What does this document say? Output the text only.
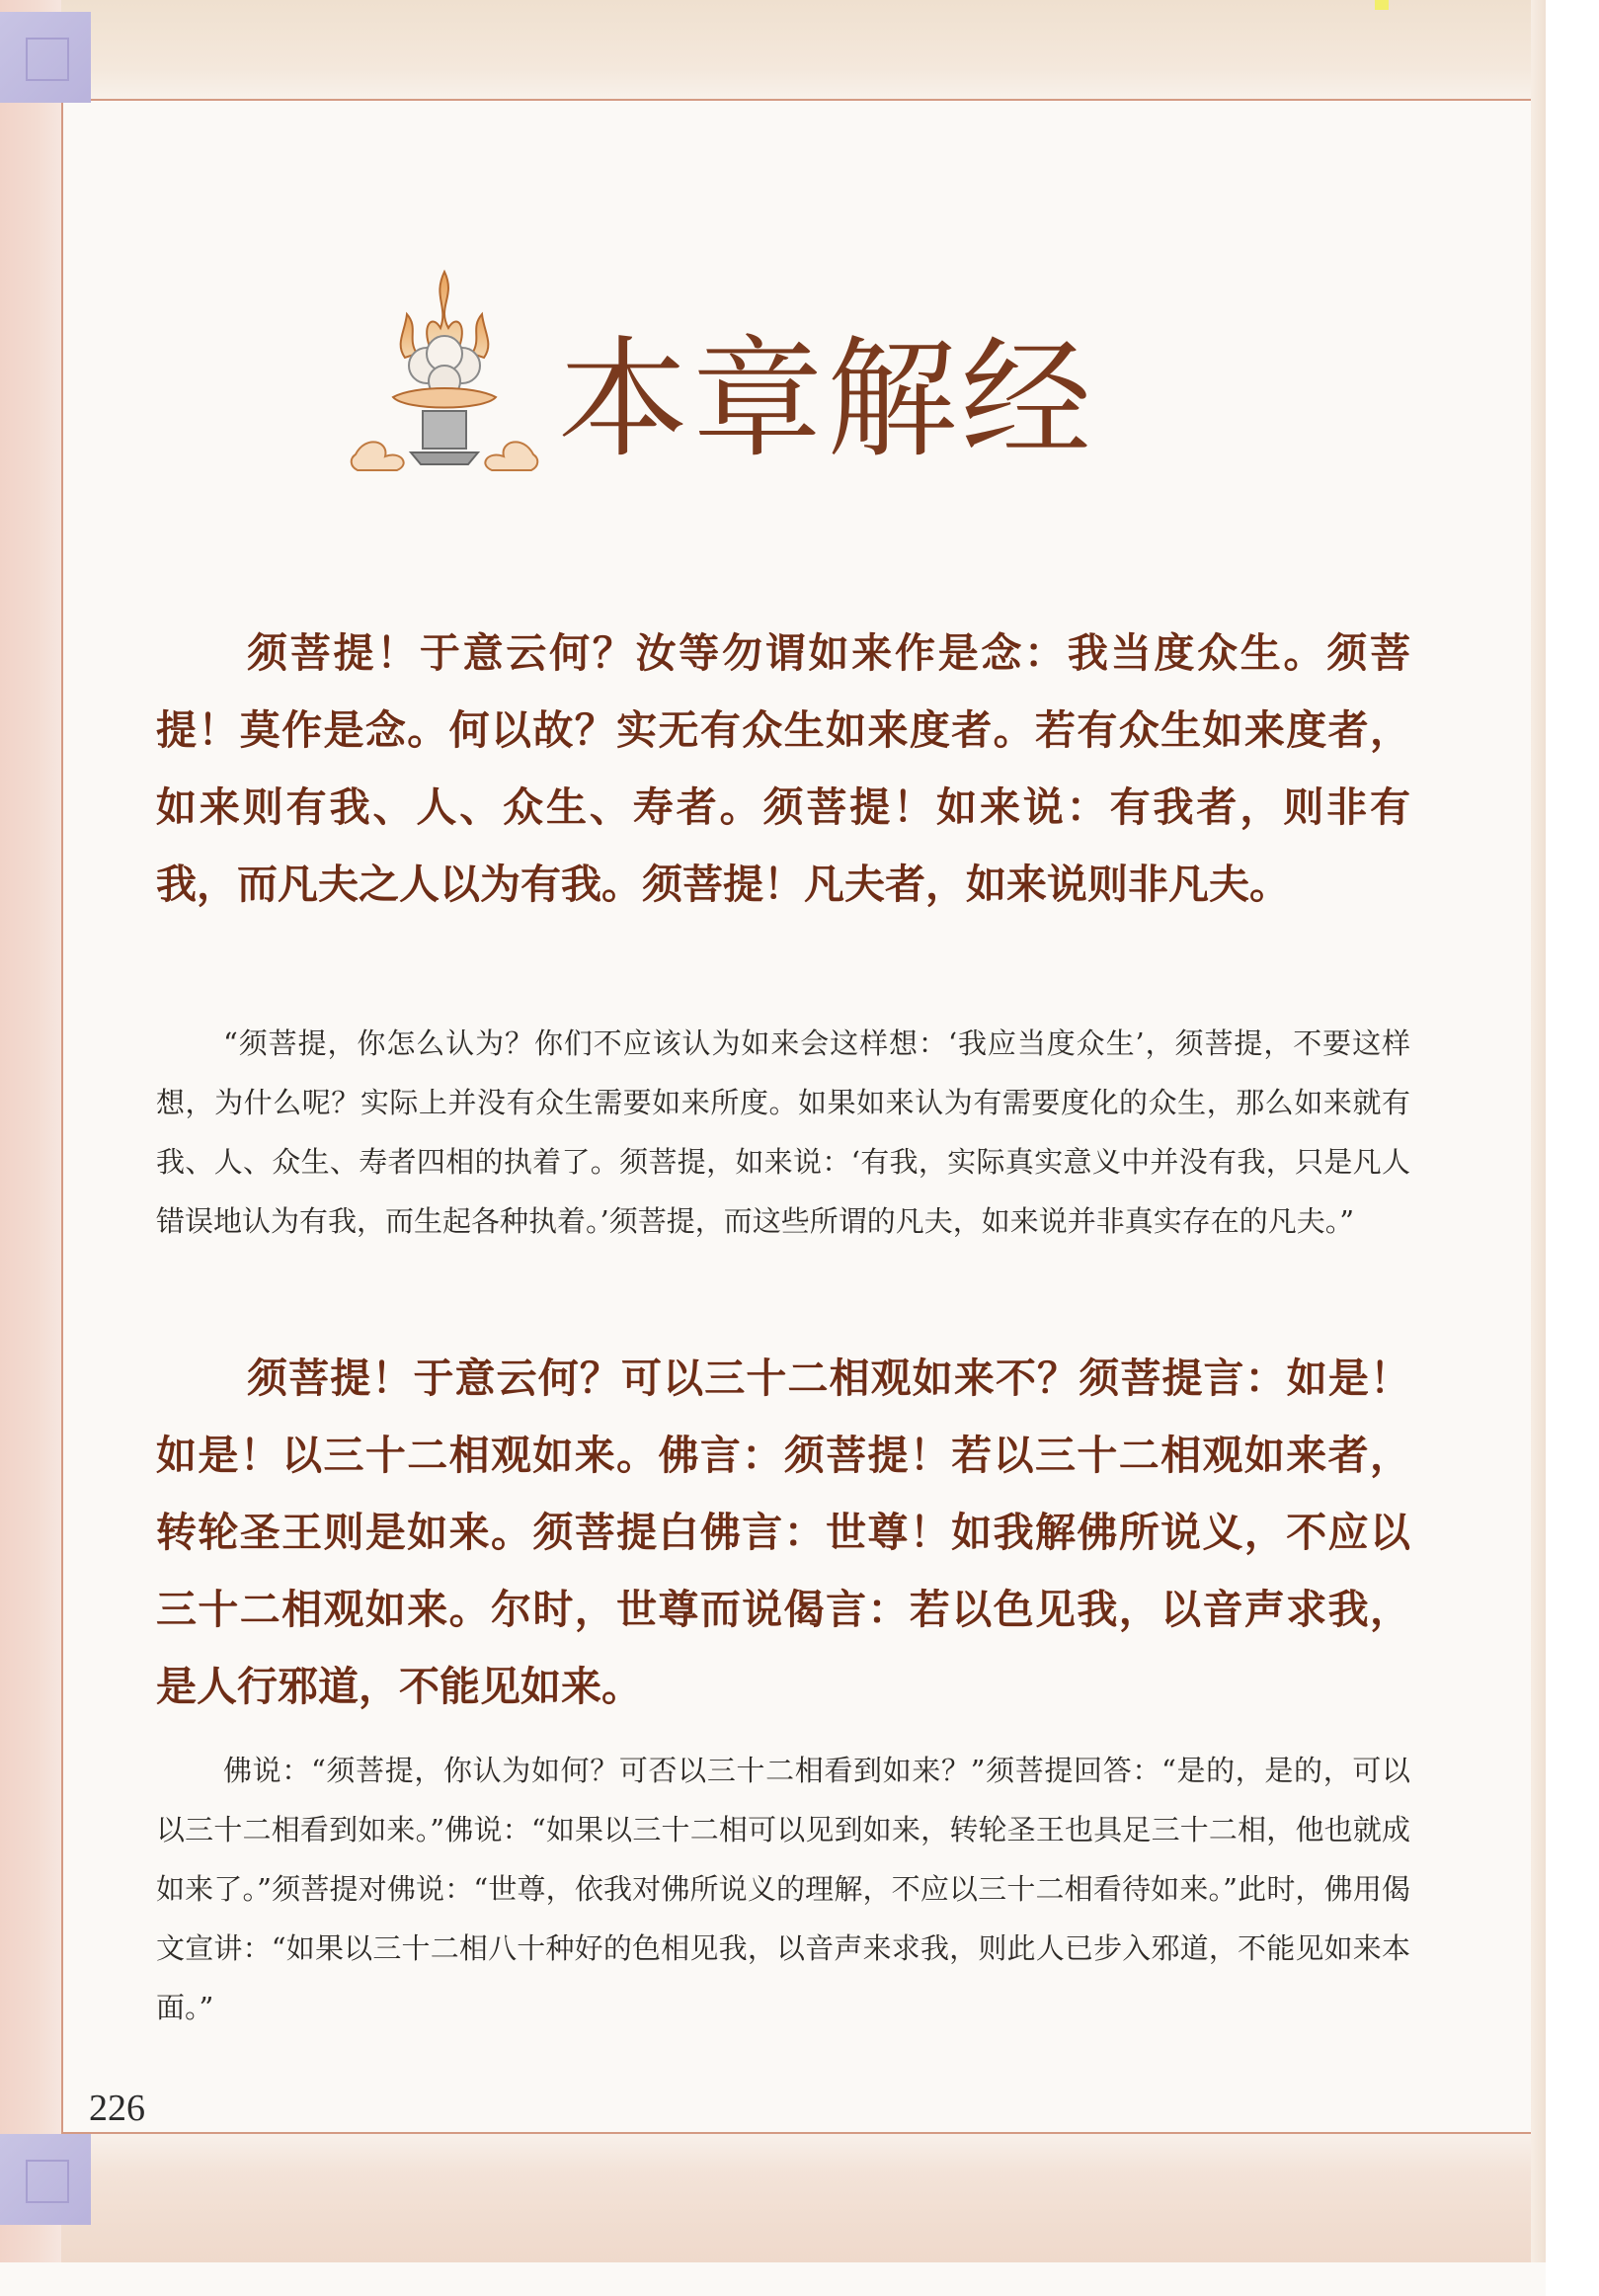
本章解经

须菩提！于意云何？汝等勿谓如来作是念：我当度众生。须菩提！莫作是念。何以故？实无有众生如来度者。若有众生如来度者，如来则有我、人、众生、寿者。须菩提！如来说：有我者，则非有我，而凡夫之人以为有我。须菩提！凡夫者，如来说则非凡夫。

“须菩提，你怎么认为？你们不应该认为如来会这样想：‘我应当度众生’，须菩提，不要这样想，为什么呢？实际上并没有众生需要如来所度。如果如来认为有需要度化的众生，那么如来就有我、人、众生、寿者四相的执着了。须菩提，如来说：‘有我，实际真实意义中并没有我，只是凡人错误地认为有我，而生起各种执着。’须菩提，而这些所谓的凡夫，如来说并非真实存在的凡夫。”

须菩提！于意云何？可以三十二相观如来不？须菩提言：如是！如是！以三十二相观如来。佛言：须菩提！若以三十二相观如来者，转轮圣王则是如来。须菩提白佛言：世尊！如我解佛所说义，不应以三十二相观如来。尔时，世尊而说偈言：若以色见我，以音声求我，是人行邪道，不能见如来。

佛说：“须菩提，你认为如何？可否以三十二相看到如来？”须菩提回答：“是的，是的，可以以三十二相看到如来。”佛说：“如果以三十二相可以见到如来，转轮圣王也具足三十二相，他也就成如来了。”须菩提对佛说：“世尊，依我对佛所说义的理解，不应以三十二相看待如来。”此时，佛用偈文宣讲：“如果以三十二相八十种好的色相见我，以音声来求我，则此人已步入邪道，不能见如来本面。”

226
